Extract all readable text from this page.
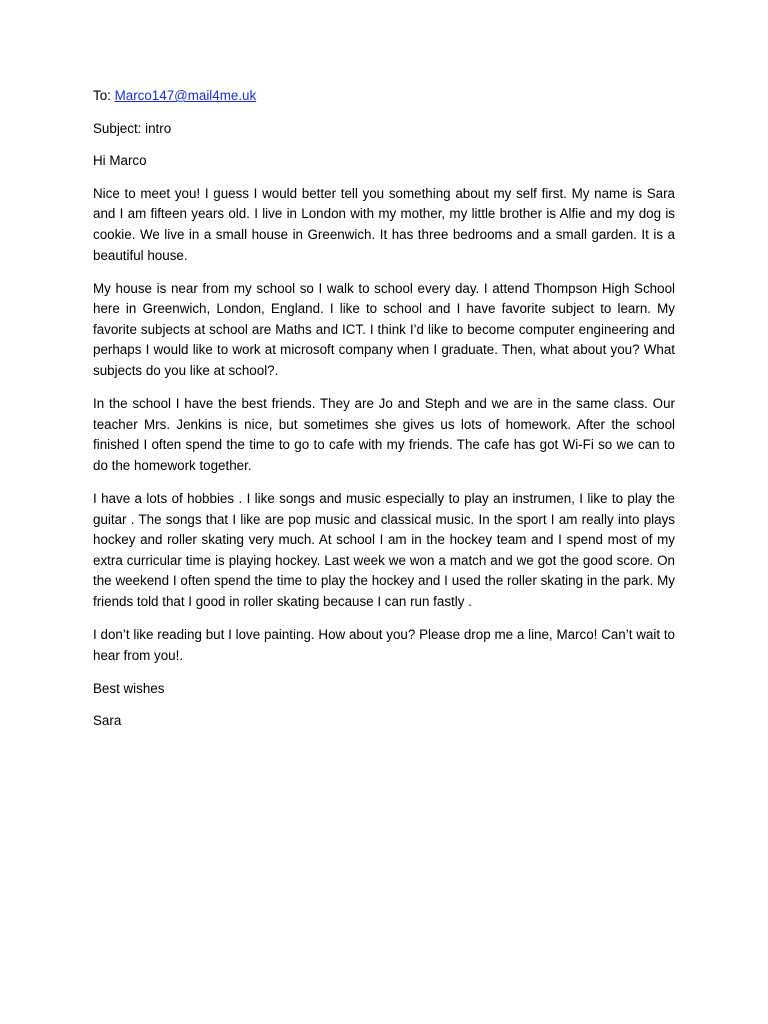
To: Marco147@mail4me.uk
Subject: intro
Hi Marco

Nice to meet you! I guess I would better tell you something about my self first. My name is Sara and I am fifteen years old. I live in London with my mother, my little brother is Alfie and my dog is cookie. We live in a small house in Greenwich. It has three bedrooms and a small garden. It is a beautiful house.

My house is near from my school so I walk to school every day. I attend Thompson High School here in Greenwich, London, England. I like to school and I have favorite subject to learn. My favorite subjects at school are Maths and ICT. I think I’d like to become computer engineering and perhaps I would like to work at microsoft company when I graduate. Then, what about you? What subjects do you like at school?.

In the school I have the best friends. They are Jo and Steph and we are in the same class. Our teacher Mrs. Jenkins is nice, but sometimes she gives us lots of homework. After the school finished I often spend the time to go to cafe with my friends. The cafe has got Wi-Fi so we can to do the homework together.

I have a lots of hobbies . I like songs and music especially to play an instrumen, I like to play the guitar . The songs that I like are pop music and classical music. In the sport I am really into plays hockey and roller skating very much. At school I am in the hockey team and I spend most of my extra curricular time is playing hockey. Last week we won a match and we got the good score. On the weekend I often spend the time to play the hockey and I used the roller skating in the park. My friends told that I good in roller skating because I can run fastly .

I don’t like reading but I love painting. How about you? Please drop me a line, Marco! Can’t wait to hear from you!.

Best wishes
Sara
